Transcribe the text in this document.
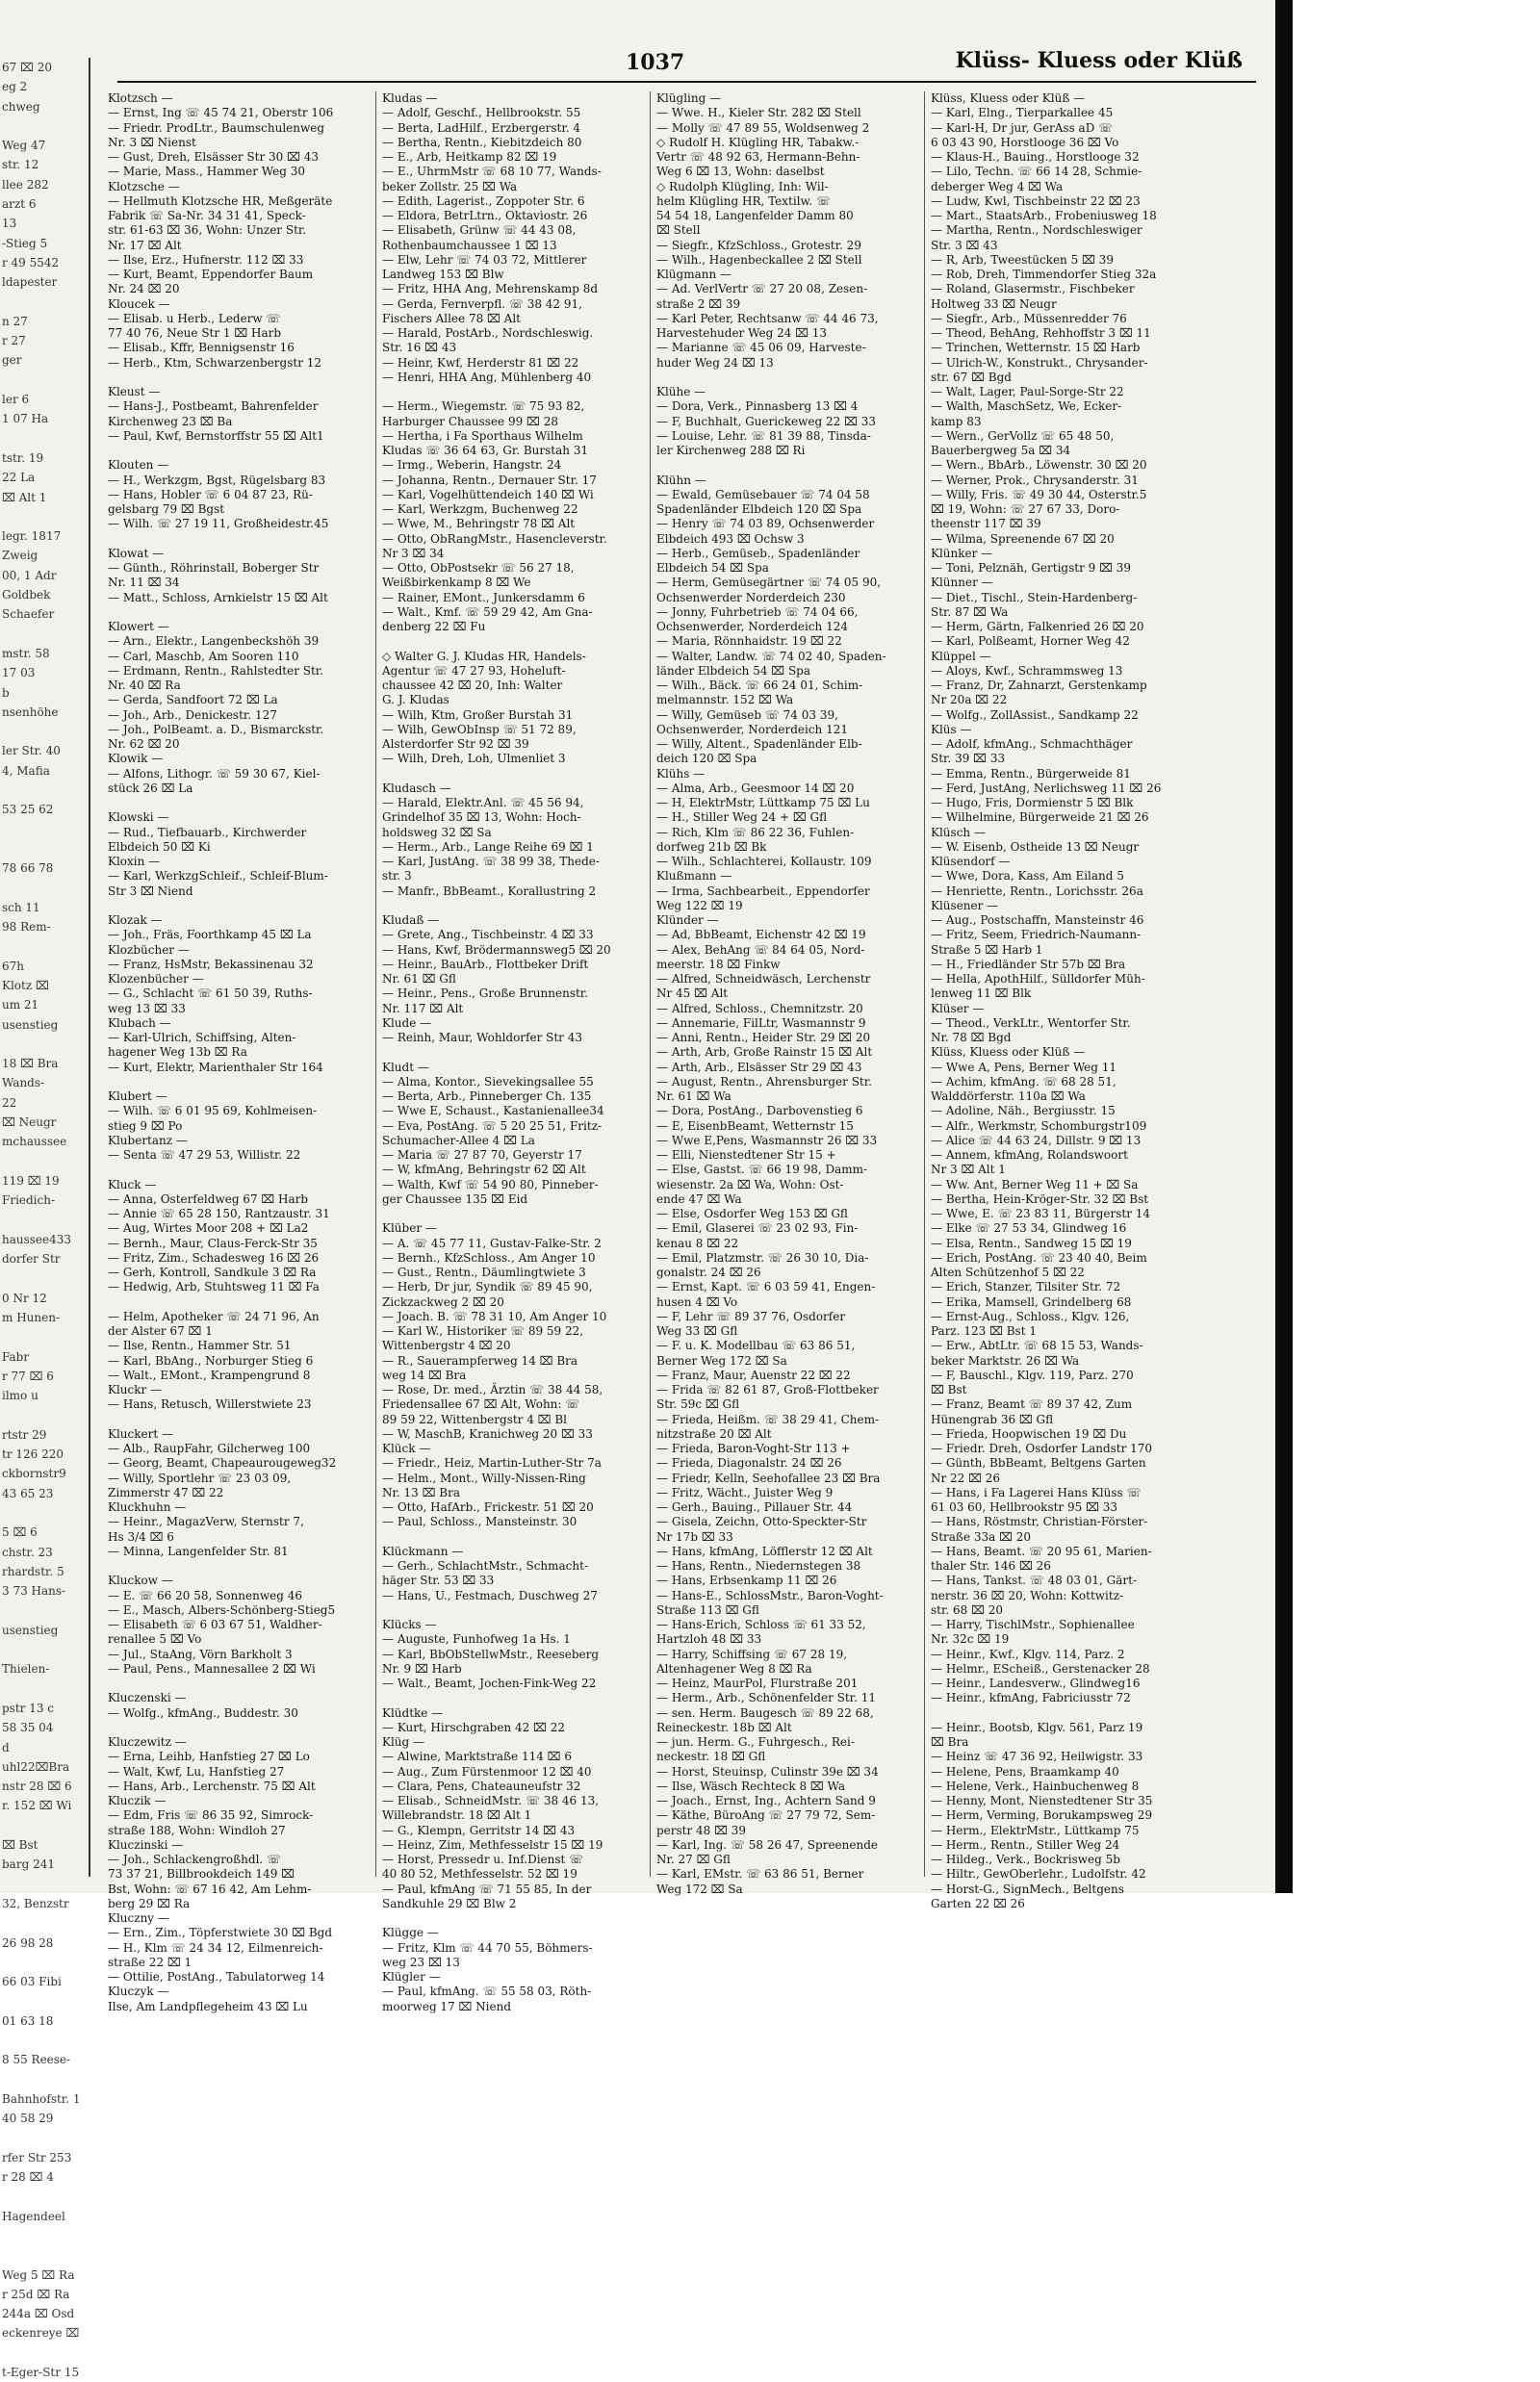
67 ⌧ 20
eg 2
chweg

Weg 47
str. 12
llee 282
arzt 6
13
-Stieg 5
r 49 5542
ldapester

n 27
r 27
ger

ler 6
1 07 Ha

tstr. 19
22 La
⌧ Alt 1

legr. 1817
Zweig
00, 1 Adr
Goldbek
Schaefer

mstr. 58
17 03
b
nsenhöhe

ler Str. 40
4, Mafia

53 25 62

78 66 78

sch 11
98 Rem-

67h
Klotz ⌧
um 21
usenstieg

18 ⌧ Bra
Wands-
22
⌧ Neugr
mchaussee

119 ⌧ 19
Friedich-

haussee433
dorfer Str

0 Nr 12
m Hunen-

Fabr
r 77 ⌧ 6
ilmo u

rtstr 29
tr 126 220
ckbornstr9
43 65 23

5 ⌧ 6
chstr. 23
rhardstr. 5
3 73 Hans-

usenstieg

Thielen-

pstr 13 c
58 35 04
d
uhl22⌧Bra
nstr 28 ⌧ 6
r. 152 ⌧ Wi

⌧ Bst
barg 241

32, Benzstr

26 98 28

66 03 Fibi

01 63 18

8 55 Reese-

Bahnhofstr. 1
40 58 29

rfer Str 253
r 28 ⌧ 4

Hagendeel

Weg 5 ⌧ Ra
r 25d ⌧ Ra
244a ⌧ Osd
eckenreye ⌧

t-Eger-Str 15
1037	Klüss- Kluess oder Klüß
Klotzsch —
— Ernst, Ing ☏ 45 74 21, Oberstr 106
— Friedr. ProdLtr., Baumschulenweg
Nr. 3 ⌧ Nienst
— Gust, Dreh, Elsässer Str 30 ⌧ 43
— Marie, Mass., Hammer Weg 30
Klotzsche —
— Hellmuth Klotzsche HR, Meßgeräte
Fabrik ☏ Sa-Nr. 34 31 41, Speck-
str. 61-63 ⌧ 36, Wohn: Unzer Str.
Nr. 17 ⌧ Alt
— Ilse, Erz., Hufnerstr. 112 ⌧ 33
— Kurt, Beamt, Eppendorfer Baum
Nr. 24 ⌧ 20
Kloucek —
— Elisab. u Herb., Lederw ☏
77 40 76, Neue Str 1 ⌧ Harb
— Elisab., Kffr, Bennigsenstr 16
— Herb., Ktm, Schwarzenbergstr 12

Kleust —
— Hans-J., Postbeamt, Bahrenfelder
Kirchenweg 23 ⌧ Ba
— Paul, Kwf, Bernstorffstr 55 ⌧ Alt1

Klouten —
— H., Werkzgm, Bgst, Rügelsbarg 83
— Hans, Hobler ☏ 6 04 87 23, Rü-
gelsbarg 79 ⌧ Bgst
— Wilh. ☏ 27 19 11, Großheidestr.45

Klowat —
— Günth., Röhrinstall, Boberger Str
Nr. 11 ⌧ 34
— Matt., Schloss, Arnkielstr 15 ⌧ Alt

Klowert —
— Arn., Elektr., Langenbeckshöh 39
— Carl, Maschb, Am Sooren 110
— Erdmann, Rentn., Rahlstedter Str.
Nr. 40 ⌧ Ra
— Gerda, Sandfoort 72 ⌧ La
— Joh., Arb., Denickestr. 127
— Joh., PolBeamt. a. D., Bismarckstr.
Nr. 62 ⌧ 20
Klowik —
— Alfons, Lithogr. ☏ 59 30 67, Kiel-
stück 26 ⌧ La

Klowski —
— Rud., Tiefbauarb., Kirchwerder
Elbdeich 50 ⌧ Ki
Kloxin —
— Karl, WerkzgSchleif., Schleif-Blum-
Str 3 ⌧ Niend

Klozak —
— Joh., Fräs, Foorthkamp 45 ⌧ La
Klozbücher —
— Franz, HsMstr, Bekassinenau 32
Klozenbücher —
— G., Schlacht ☏ 61 50 39, Ruths-
weg 13 ⌧ 33
Klubach —
— Karl-Ulrich, Schiffsing, Alten-
hagener Weg 13b ⌧ Ra
— Kurt, Elektr, Marienthaler Str 164

Klubert —
— Wilh. ☏ 6 01 95 69, Kohlmeisen-
stieg 9 ⌧ Po
Klubertanz —
— Senta ☏ 47 29 53, Willistr. 22

Kluck —
— Anna, Osterfeldweg 67 ⌧ Harb
— Annie ☏ 65 28 150, Rantzaustr. 31
— Aug, Wirtes Moor 208 + ⌧ La2
— Bernh., Maur, Claus-Ferck-Str 35
— Fritz, Zim., Schadesweg 16 ⌧ 26
— Gerh, Kontroll, Sandkule 3 ⌧ Ra
— Hedwig, Arb, Stuhtsweg 11 ⌧ Fa

— Helm, Apotheker ☏ 24 71 96, An
der Alster 67 ⌧ 1
— Ilse, Rentn., Hammer Str. 51
— Karl, BbAng., Norburger Stieg 6
— Walt., EMont., Krampengrund 8
Kluckr —
— Hans, Retusch, Willerstwiete 23

Kluckert —
— Alb., RaupFahr, Gilcherweg 100
— Georg, Beamt, Chapeaurougeweg32
— Willy, Sportlehr ☏ 23 03 09,
Zimmerstr 47 ⌧ 22
Kluckhuhn —
— Heinr., MagazVerw, Sternstr 7,
Hs 3/4 ⌧ 6
— Minna, Langenfelder Str. 81

Kluckow —
— E. ☏ 66 20 58, Sonnenweg 46
— E., Masch, Albers-Schönberg-Stieg5
— Elisabeth ☏ 6 03 67 51, Waldher-
renallee 5 ⌧ Vo
— Jul., StaAng, Vörn Barkholt 3
— Paul, Pens., Mannesallee 2 ⌧ Wi

Kluczenski —
— Wolfg., kfmAng., Buddestr. 30

Kluczewitz —
— Erna, Leihb, Hanfstieg 27 ⌧ Lo
— Walt, Kwf, Lu, Hanfstieg 27
— Hans, Arb., Lerchenstr. 75 ⌧ Alt
Kluczik —
— Edm, Fris ☏ 86 35 92, Simrock-
straße 188, Wohn: Windloh 27
Kluczinski —
— Joh., Schlackengroßhdl. ☏
73 37 21, Billbrookdeich 149 ⌧
Bst, Wohn: ☏ 67 16 42, Am Lehm-
berg 29 ⌧ Ra
Kluczny —
— Ern., Zim., Töpferstwiete 30 ⌧ Bgd
— H., Klm ☏ 24 34 12, Eilmenreich-
straße 22 ⌧ 1
— Ottilie, PostAng., Tabulatorweg 14
Kluczyk —
Ilse, Am Landpflegeheim 43 ⌧ Lu
Kludas —
— Adolf, Geschf., Hellbrookstr. 55
— Berta, LadHilf., Erzbergerstr. 4
— Bertha, Rentn., Kiebitzdeich 80
— E., Arb, Heitkamp 82 ⌧ 19
— E., UhrmMstr ☏ 68 10 77, Wands-
beker Zollstr. 25 ⌧ Wa
— Edith, Lagerist., Zoppoter Str. 6
— Eldora, BetrLtrn., Oktaviostr. 26
— Elisabeth, Grünw ☏ 44 43 08,
Rothenbaumchaussee 1 ⌧ 13
— Elw, Lehr ☏ 74 03 72, Mittlerer
Landweg 153 ⌧ Blw
— Fritz, HHA Ang, Mehrenskamp 8d
— Gerda, Fernverpfl. ☏ 38 42 91,
Fischers Allee 78 ⌧ Alt
— Harald, PostArb., Nordschleswig.
Str. 16 ⌧ 43
— Heinr, Kwf, Herderstr 81 ⌧ 22
— Henri, HHA Ang, Mühlenberg 40

— Herm., Wiegemstr. ☏ 75 93 82,
Harburger Chaussee 99 ⌧ 28
— Hertha, i Fa Sporthaus Wilhelm
Kludas ☏ 36 64 63, Gr. Burstah 31
— Irmg., Weberin, Hangstr. 24
— Johanna, Rentn., Dernauer Str. 17
— Karl, Vogelhüttendeich 140 ⌧ Wi
— Karl, Werkzgm, Buchenweg 22
— Wwe, M., Behringstr 78 ⌧ Alt
— Otto, ObRangMstr., Hasencleverstr.
Nr 3 ⌧ 34
— Otto, ObPostsekr ☏ 56 27 18,
Weißbirkenkamp 8 ⌧ We
— Rainer, EMont., Junkersdamm 6
— Walt., Kmf. ☏ 59 29 42, Am Gna-
denberg 22 ⌧ Fu

◇ Walter G. J. Kludas HR, Handels-
Agentur ☏ 47 27 93, Hoheluft-
chaussee 42 ⌧ 20, Inh: Walter
G. J. Kludas
— Wilh, Ktm, Großer Burstah 31
— Wilh, GewObInsp ☏ 51 72 89,
Alsterdorfer Str 92 ⌧ 39
— Wilh, Dreh, Loh, Ulmenliet 3

Kludasch —
— Harald, Elektr.Anl. ☏ 45 56 94,
Grindelhof 35 ⌧ 13, Wohn: Hoch-
holdsweg 32 ⌧ Sa
— Herm., Arb., Lange Reihe 69 ⌧ 1
— Karl, JustAng. ☏ 38 99 38, Thede-
str. 3
— Manfr., BbBeamt., Korallustring 2

Kludaß —
— Grete, Ang., Tischbeinstr. 4 ⌧ 33
— Hans, Kwf, Brödermannsweg5 ⌧ 20
— Heinr., BauArb., Flottbeker Drift
Nr. 61 ⌧ Gfl
— Heinr., Pens., Große Brunnenstr.
Nr. 117 ⌧ Alt
Klude —
— Reinh, Maur, Wohldorfer Str 43

Kludt —
— Alma, Kontor., Sievekingsallee 55
— Berta, Arb., Pinneberger Ch. 135
— Wwe E, Schaust., Kastanienallee34
— Eva, PostAng. ☏ 5 20 25 51, Fritz-
Schumacher-Allee 4 ⌧ La
— Maria ☏ 27 87 70, Geyerstr 17
— W, kfmAng, Behringstr 62 ⌧ Alt
— Walth, Kwf ☏ 54 90 80, Pinneber-
ger Chaussee 135 ⌧ Eid

Klüber —
— A. ☏ 45 77 11, Gustav-Falke-Str. 2
— Bernh., KfzSchloss., Am Anger 10
— Gust., Rentn., Däumlingtwiete 3
— Herb, Dr jur, Syndik ☏ 89 45 90,
Zickzackweg 2 ⌧ 20
— Joach. B. ☏ 78 31 10, Am Anger 10
— Karl W., Historiker ☏ 89 59 22,
Wittenbergstr 4 ⌧ 20
— R., Sauerampferweg 14 ⌧ Bra
weg 14 ⌧ Bra
— Rose, Dr. med., Ärztin ☏ 38 44 58,
Friedensallee 67 ⌧ Alt, Wohn: ☏
89 59 22, Wittenbergstr 4 ⌧ Bl
— W, MaschB, Kranichweg 20 ⌧ 33
Klück —
— Friedr., Heiz, Martin-Luther-Str 7a
— Helm., Mont., Willy-Nissen-Ring
Nr. 13 ⌧ Bra
— Otto, HafArb., Frickestr. 51 ⌧ 20
— Paul, Schloss., Mansteinstr. 30

Klückmann —
— Gerh., SchlachtMstr., Schmacht-
häger Str. 53 ⌧ 33
— Hans, U., Festmach, Duschweg 27

Klücks —
— Auguste, Funhofweg 1a Hs. 1
— Karl, BbObStellwMstr., Reeseberg
Nr. 9 ⌧ Harb
— Walt., Beamt, Jochen-Fink-Weg 22

Klüdtke —
— Kurt, Hirschgraben 42 ⌧ 22
Klüg —
— Alwine, Marktstraße 114 ⌧ 6
— Aug., Zum Fürstenmoor 12 ⌧ 40
— Clara, Pens, Chateauneufstr 32
— Elisab., SchneidMstr. ☏ 38 46 13,
Willebrandstr. 18 ⌧ Alt 1
— G., Klempn, Gerritstr 14 ⌧ 43
— Heinz, Zim, Methfesselstr 15 ⌧ 19
— Horst, Pressedr u. Inf.Dienst ☏
40 80 52, Methfesselstr. 52 ⌧ 19
— Paul, kfmAng ☏ 71 55 85, In der
Sandkuhle 29 ⌧ Blw 2

Klügge —
— Fritz, Klm ☏ 44 70 55, Böhmers-
weg 23 ⌧ 13
Klügler —
— Paul, kfmAng. ☏ 55 58 03, Röth-
moorweg 17 ⌧ Niend
Klügling —
— Wwe. H., Kieler Str. 282 ⌧ Stell
— Molly ☏ 47 89 55, Woldsenweg 2
◇ Rudolf H. Klügling HR, Tabakw.-
Vertr ☏ 48 92 63, Hermann-Behn-
Weg 6 ⌧ 13, Wohn: daselbst
◇ Rudolph Klügling, Inh: Wil-
helm Klügling HR, Textilw. ☏
54 54 18, Langenfelder Damm 80
⌧ Stell
— Siegfr., KfzSchloss., Grotestr. 29
— Wilh., Hagenbeckallee 2 ⌧ Stell
Klügmann —
— Ad. VerlVertr ☏ 27 20 08, Zesen-
straße 2 ⌧ 39
— Karl Peter, Rechtsanw ☏ 44 46 73,
Harvestehuder Weg 24 ⌧ 13
— Marianne ☏ 45 06 09, Harveste-
huder Weg 24 ⌧ 13

Klühe —
— Dora, Verk., Pinnasberg 13 ⌧ 4
— F, Buchhalt, Guerickeweg 22 ⌧ 33
— Louise, Lehr. ☏ 81 39 88, Tinsda-
ler Kirchenweg 288 ⌧ Ri

Klühn —
— Ewald, Gemüsebauer ☏ 74 04 58
Spadenländer Elbdeich 120 ⌧ Spa
— Henry ☏ 74 03 89, Ochsenwerder
Elbdeich 493 ⌧ Ochsw 3
— Herb., Gemüseb., Spadenländer
Elbdeich 54 ⌧ Spa
— Herm, Gemüsegärtner ☏ 74 05 90,
Ochsenwerder Norderdeich 230
— Jonny, Fuhrbetrieb ☏ 74 04 66,
Ochsenwerder, Norderdeich 124
— Maria, Rönnhaidstr. 19 ⌧ 22
— Walter, Landw. ☏ 74 02 40, Spaden-
länder Elbdeich 54 ⌧ Spa
— Wilh., Bäck. ☏ 66 24 01, Schim-
melmannstr. 152 ⌧ Wa
— Willy, Gemüseb ☏ 74 03 39,
Ochsenwerder, Norderdeich 121
— Willy, Altent., Spadenländer Elb-
deich 120 ⌧ Spa
Klühs —
— Alma, Arb., Geesmoor 14 ⌧ 20
— H, ElektrMstr, Lüttkamp 75 ⌧ Lu
— H., Stiller Weg 24 + ⌧ Gfl
— Rich, Klm ☏ 86 22 36, Fuhlen-
dorfweg 21b ⌧ Bk
— Wilh., Schlachterei, Kollaustr. 109
Klußmann —
— Irma, Sachbearbeit., Eppendorfer
Weg 122 ⌧ 19
Klünder —
— Ad, BbBeamt, Eichenstr 42 ⌧ 19
— Alex, BehAng ☏ 84 64 05, Nord-
meerstr. 18 ⌧ Finkw
— Alfred, Schneidwäsch, Lerchenstr
Nr 45 ⌧ Alt
— Alfred, Schloss., Chemnitzstr. 20
— Annemarie, FilLtr, Wasmannstr 9
— Anni, Rentn., Heider Str. 29 ⌧ 20
— Arth, Arb, Große Rainstr 15 ⌧ Alt
— Arth, Arb., Elsässer Str 29 ⌧ 43
— August, Rentn., Ahrensburger Str.
Nr. 61 ⌧ Wa
— Dora, PostAng., Darbovenstieg 6
— E, EisenbBeamt, Wetternstr 15
— Wwe E,Pens, Wasmannstr 26 ⌧ 33
— Elli, Nienstedtener Str 15 +
— Else, Gastst. ☏ 66 19 98, Damm-
wiesenstr. 2a ⌧ Wa, Wohn: Ost-
ende 47 ⌧ Wa
— Else, Osdorfer Weg 153 ⌧ Gfl
— Emil, Glaserei ☏ 23 02 93, Fin-
kenau 8 ⌧ 22
— Emil, Platzmstr. ☏ 26 30 10, Dia-
gonalstr. 24 ⌧ 26
— Ernst, Kapt. ☏ 6 03 59 41, Engen-
husen 4 ⌧ Vo
— F, Lehr ☏ 89 37 76, Osdorfer
Weg 33 ⌧ Gfl
— F. u. K. Modellbau ☏ 63 86 51,
Berner Weg 172 ⌧ Sa
— Franz, Maur, Auenstr 22 ⌧ 22
— Frida ☏ 82 61 87, Groß-Flottbeker
Str. 59c ⌧ Gfl
— Frieda, Heißm. ☏ 38 29 41, Chem-
nitzstraße 20 ⌧ Alt
— Frieda, Baron-Voght-Str 113 +
— Frieda, Diagonalstr. 24 ⌧ 26
— Friedr, Kelln, Seehofallee 23 ⌧ Bra
— Fritz, Wächt., Juister Weg 9
— Gerh., Bauing., Pillauer Str. 44
— Gisela, Zeichn, Otto-Speckter-Str
Nr 17b ⌧ 33
— Hans, kfmAng, Löfflerstr 12 ⌧ Alt
— Hans, Rentn., Niedernstegen 38
— Hans, Erbsenkamp 11 ⌧ 26
— Hans-E., SchlossMstr., Baron-Voght-
Straße 113 ⌧ Gfl
— Hans-Erich, Schloss ☏ 61 33 52,
Hartzloh 48 ⌧ 33
— Harry, Schiffsing ☏ 67 28 19,
Altenhagener Weg 8 ⌧ Ra
— Heinz, MaurPol, Flurstraße 201
— Herm., Arb., Schönenfelder Str. 11
— sen. Herm. Baugesch ☏ 89 22 68,
Reineckestr. 18b ⌧ Alt
— jun. Herm. G., Fuhrgesch., Rei-
neckestr. 18 ⌧ Gfl
— Horst, Steuinsp, Culinstr 39e ⌧ 34
— Ilse, Wäsch Rechteck 8 ⌧ Wa
— Joach., Ernst, Ing., Achtern Sand 9
— Käthe, BüroAng ☏ 27 79 72, Sem-
perstr 48 ⌧ 39
— Karl, Ing. ☏ 58 26 47, Spreenende
Nr. 27 ⌧ Gfl
— Karl, EMstr. ☏ 63 86 51, Berner
Weg 172 ⌧ Sa
Klüss, Kluess oder Klüß —
— Karl, Elng., Tierparkallee 45
— Karl-H, Dr jur, GerAss aD ☏
6 03 43 90, Horstlooge 36 ⌧ Vo
— Klaus-H., Bauing., Horstlooge 32
— Lilo, Techn. ☏ 66 14 28, Schmie-
deberger Weg 4 ⌧ Wa
— Ludw, Kwl, Tischbeinstr 22 ⌧ 23
— Mart., StaatsArb., Frobeniusweg 18
— Martha, Rentn., Nordschleswiger
Str. 3 ⌧ 43
— R, Arb, Tweestücken 5 ⌧ 39
— Rob, Dreh, Timmendorfer Stieg 32a
— Roland, Glasermstr., Fischbeker
Holtweg 33 ⌧ Neugr
— Siegfr., Arb., Müssenredder 76
— Theod, BehAng, Rehhoffstr 3 ⌧ 11
— Trinchen, Wetternstr. 15 ⌧ Harb
— Ulrich-W., Konstrukt., Chrysander-
str. 67 ⌧ Bgd
— Walt, Lager, Paul-Sorge-Str 22
— Walth, MaschSetz, We, Ecker-
kamp 83
— Wern., GerVollz ☏ 65 48 50,
Bauerbergweg 5a ⌧ 34
— Wern., BbArb., Löwenstr. 30 ⌧ 20
— Werner, Prok., Chrysanderstr. 31
— Willy, Fris. ☏ 49 30 44, Osterstr.5
⌧ 19, Wohn: ☏ 27 67 33, Doro-
theenstr 117 ⌧ 39
— Wilma, Spreenende 67 ⌧ 20
Klünker —
— Toni, Pelznäh, Gertigstr 9 ⌧ 39
Klünner —
— Diet., Tischl., Stein-Hardenberg-
Str. 87 ⌧ Wa
— Herm, Gärtn, Falkenried 26 ⌧ 20
— Karl, Polßeamt, Horner Weg 42
Klüppel —
— Aloys, Kwf., Schrammsweg 13
— Franz, Dr, Zahnarzt, Gerstenkamp
Nr 20a ⌧ 22
— Wolfg., ZollAssist., Sandkamp 22
Klüs —
— Adolf, kfmAng., Schmachthäger
Str. 39 ⌧ 33
— Emma, Rentn., Bürgerweide 81
— Ferd, JustAng, Nerlichsweg 11 ⌧ 26
— Hugo, Fris, Dormienstr 5 ⌧ Blk
— Wilhelmine, Bürgerweide 21 ⌧ 26
Klüsch —
— W. Eisenb, Ostheide 13 ⌧ Neugr
Klüsendorf —
— Wwe, Dora, Kass, Am Eiland 5
— Henriette, Rentn., Lorichsstr. 26a
Klüsener —
— Aug., Postschaffn, Mansteinstr 46
— Fritz, Seem, Friedrich-Naumann-
Straße 5 ⌧ Harb 1
— H., Friedländer Str 57b ⌧ Bra
— Hella, ApothHilf., Sülldorfer Müh-
lenweg 11 ⌧ Blk
Klüser —
— Theod., VerkLtr., Wentorfer Str.
Nr. 78 ⌧ Bgd
Klüss, Kluess oder Klüß —
— Wwe A, Pens, Berner Weg 11
— Achim, kfmAng. ☏ 68 28 51,
Walddörferstr. 110a ⌧ Wa
— Adoline, Näh., Bergiusstr. 15
— Alfr., Werkmstr, Schomburgstr109
— Alice ☏ 44 63 24, Dillstr. 9 ⌧ 13
— Annem, kfmAng, Rolandswoort
Nr 3 ⌧ Alt 1
— Ww. Ant, Berner Weg 11 + ⌧ Sa
— Bertha, Hein-Kröger-Str. 32 ⌧ Bst
— Wwe, E. ☏ 23 83 11, Bürgerstr 14
— Elke ☏ 27 53 34, Glindweg 16
— Elsa, Rentn., Sandweg 15 ⌧ 19
— Erich, PostAng. ☏ 23 40 40, Beim
Alten Schützenhof 5 ⌧ 22
— Erich, Stanzer, Tilsiter Str. 72
— Erika, Mamsell, Grindelberg 68
— Ernst-Aug., Schloss., Klgv. 126,
Parz. 123 ⌧ Bst 1
— Erw., AbtLtr. ☏ 68 15 53, Wands-
beker Marktstr. 26 ⌧ Wa
— F, Bauschl., Klgv. 119, Parz. 270
⌧ Bst
— Franz, Beamt ☏ 89 37 42, Zum
Hünengrab 36 ⌧ Gfl
— Frieda, Hoopwischen 19 ⌧ Du
— Friedr. Dreh, Osdorfer Landstr 170
— Günth, BbBeamt, Beltgens Garten
Nr 22 ⌧ 26
— Hans, i Fa Lagerei Hans Klüss ☏
61 03 60, Hellbrookstr 95 ⌧ 33
— Hans, Röstmstr, Christian-Förster-
Straße 33a ⌧ 20
— Hans, Beamt. ☏ 20 95 61, Marien-
thaler Str. 146 ⌧ 26
— Hans, Tankst. ☏ 48 03 01, Gärt-
nerstr. 36 ⌧ 20, Wohn: Kottwitz-
str. 68 ⌧ 20
— Harry, TischlMstr., Sophienallee
Nr. 32c ⌧ 19
— Heinr., Kwf., Klgv. 114, Parz. 2
— Helmr., EScheiß., Gerstenacker 28
— Heinr., Landesverw., Glindweg16
— Heinr., kfmAng, Fabriciusstr 72

— Heinr., Bootsb, Klgv. 561, Parz 19
⌧ Bra
— Heinz ☏ 47 36 92, Heilwigstr. 33
— Helene, Pens, Braamkamp 40
— Helene, Verk., Hainbuchenweg 8
— Henny, Mont, Nienstedtener Str 35
— Herm, Verming, Borukampsweg 29
— Herm., ElektrMstr., Lüttkamp 75
— Herm., Rentn., Stiller Weg 24
— Hildeg., Verk., Bockrisweg 5b
— Hiltr., GewOberlehr., Ludolfstr. 42
— Horst-G., SignMech., Beltgens
Garten 22 ⌧ 26
